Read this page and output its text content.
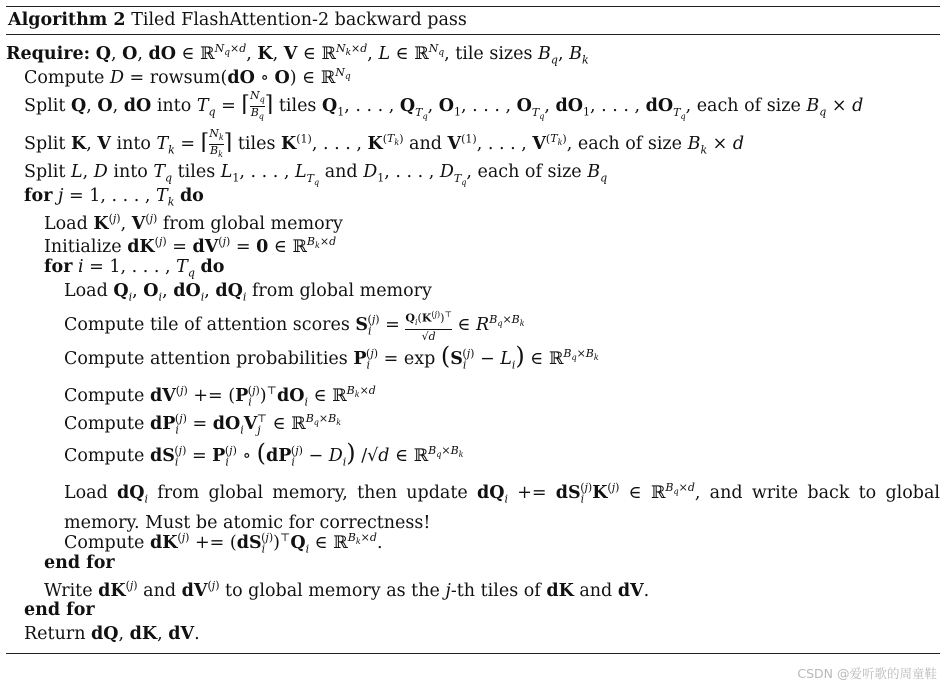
Algorithm 2 Tiled FlashAttention-2 backward pass
Require: Q, O, dO ∈ ℝ$^{N_q\times d}$, K, V ∈ ℝ$^{N_k\times d}$, L ∈ ℝ$^{N_q}$, tile sizes $B_q$, $B_k$
Compute D = rowsum(dO ∘ O) ∈ ℝ$^{N_q}$
Split Q, O, dO into $T_q$ = ⌈ $\frac{N_q}{B_q}$ ⌉ tiles $Q_1$, . . . , $Q_{T_q}$, $O_1$, . . . , $O_{T_q}$, $dO_1$, . . . , $dO_{T_q}$, each of size $B_q \times d$
Split K, V into $T_k$ = ⌈ $\frac{N_k}{B_k}$ ⌉ tiles $K^{(1)}$, . . . , $K^{(T_k)}$ and $V^{(1)}$, . . . , $V^{(T_k)}$, each of size $B_k \times d$
Split L, D into $T_q$ tiles $L_1$, . . . , $L_{T_q}$ and $D_1$, . . . , $D_{T_q}$, each of size $B_q$
for j = 1, . . . , $T_k$ do
Load $K^{(j)}$, $V^{(j)}$ from global memory
Initialize $dK^{(j)} = dV^{(j)} = 0$ ∈ ℝ$^{B_k\times d}$
for i = 1, . . . , $T_q$ do
Load $Q_i$, $O_i$, $dO_i$, $dQ_i$ from global memory
Compute tile of attention scores $S_i^{(j)} = \frac{Q_i(K^{(j)})^⊤}{√d}$ ∈ $R^{B_q\times B_k}$
Compute attention probabilities $P_i^{(j)} = \exp (S_i^{(j)} - L_i)$ ∈ ℝ$^{B_q\times B_k}$
Compute $dV^{(j)} += (P_i^{(j)})^⊤dO_i$ ∈ ℝ$^{B_k\times d}$
Compute $dP_i^{(j)} = dO_iV_j^⊤$ ∈ ℝ$^{B_q\times B_k}$
Compute $dS_i^{(j)} = P_i^{(j)}$ ∘ $(dP_i^{(j)} - D_i)$ /√d ∈ ℝ$^{B_q\times B_k}$
Load $dQ_i$ from global memory, then update $dQ_i += dS_i^{(j)}K^{(j)}$ ∈ ℝ$^{B_q\times d}$, and write back to global memory. Must be atomic for correctness!
Compute $dK^{(j)} += (dS_i^{(j)})^⊤Q_i$ ∈ ℝ$^{B_k\times d}$.
end for
Write $dK^{(j)}$ and $dV^{(j)}$ to global memory as the j-th tiles of dK and dV.
end for
Return dQ, dK, dV.
CSDN @爱听歌的周童鞋
